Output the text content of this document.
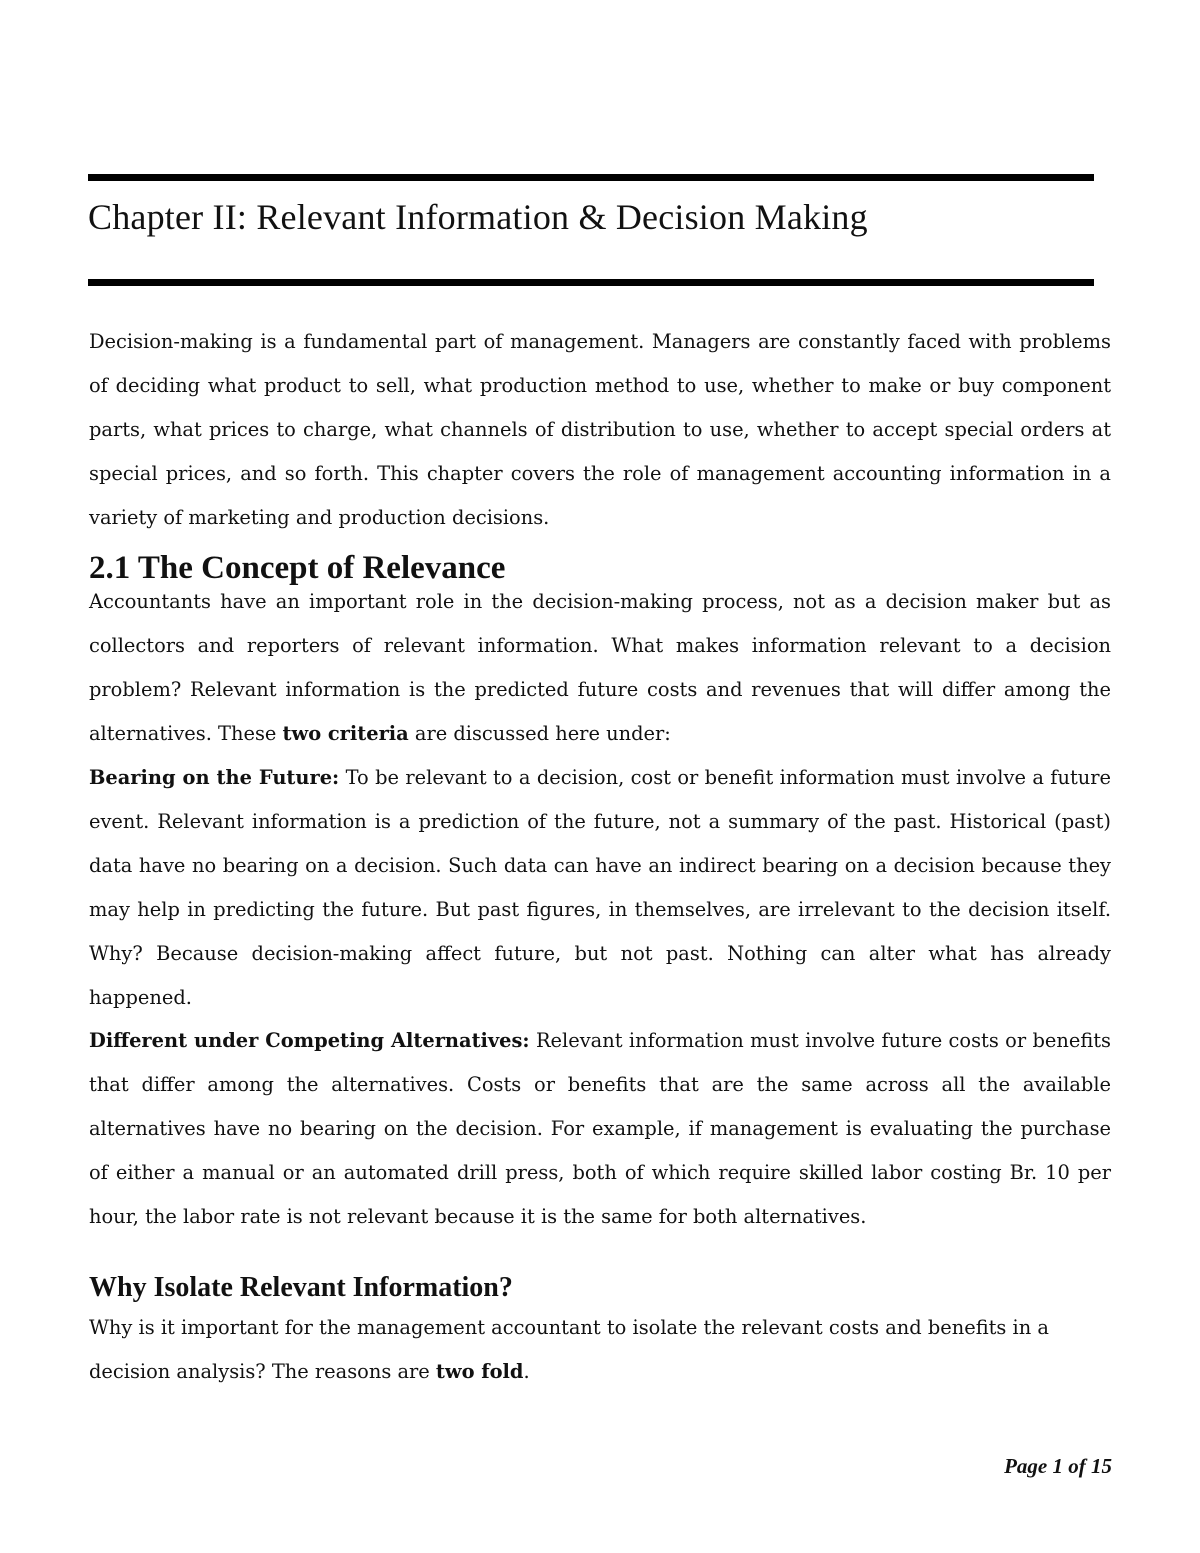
Chapter II: Relevant Information & Decision Making

Decision-making is a fundamental part of management. Managers are constantly faced with problems of deciding what product to sell, what production method to use, whether to make or buy component parts, what prices to charge, what channels of distribution to use, whether to accept special orders at special prices, and so forth. This chapter covers the role of management accounting information in a variety of marketing and production decisions.

2.1 The Concept of Relevance

Accountants have an important role in the decision-making process, not as a decision maker but as collectors and reporters of relevant information. What makes information relevant to a decision problem? Relevant information is the predicted future costs and revenues that will differ among the alternatives. These two criteria are discussed here under:

Bearing on the Future: To be relevant to a decision, cost or benefit information must involve a future event. Relevant information is a prediction of the future, not a summary of the past. Historical (past) data have no bearing on a decision. Such data can have an indirect bearing on a decision because they may help in predicting the future. But past figures, in themselves, are irrelevant to the decision itself. Why? Because decision-making affect future, but not past. Nothing can alter what has already happened.

Different under Competing Alternatives: Relevant information must involve future costs or benefits that differ among the alternatives. Costs or benefits that are the same across all the available alternatives have no bearing on the decision. For example, if management is evaluating the purchase of either a manual or an automated drill press, both of which require skilled labor costing Br. 10 per hour, the labor rate is not relevant because it is the same for both alternatives.

Why Isolate Relevant Information?

Why is it important for the management accountant to isolate the relevant costs and benefits in a decision analysis? The reasons are two fold.

Page 1 of 15
